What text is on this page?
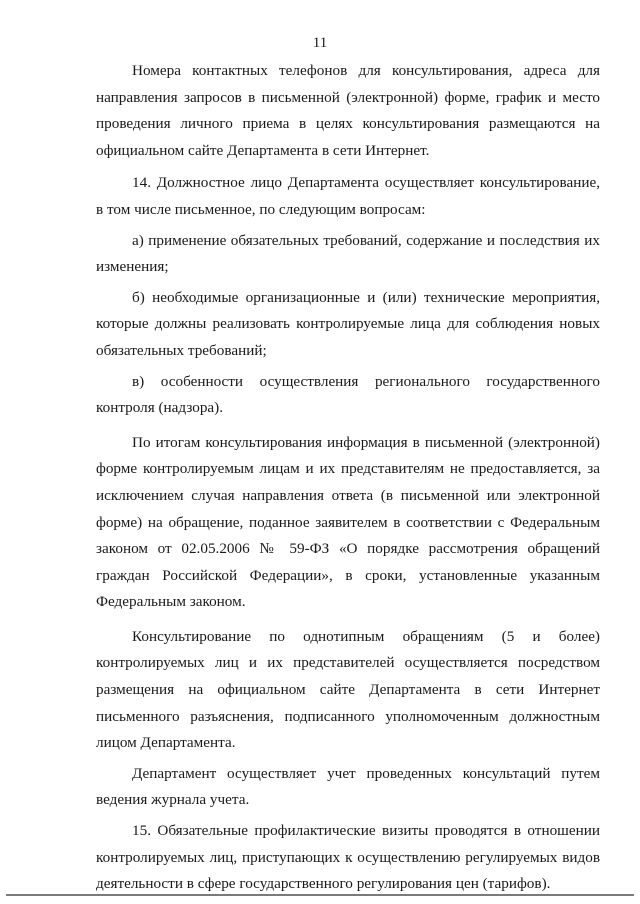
11

Номера контактных телефонов для консультирования, адреса для направления запросов в письменной (электронной) форме, график и место проведения личного приема в целях консультирования размещаются на официальном сайте Департамента в сети Интернет.

14. Должностное лицо Департамента осуществляет консультирование, в том числе письменное, по следующим вопросам:

а) применение обязательных требований, содержание и последствия их изменения;

б) необходимые организационные и (или) технические мероприятия, которые должны реализовать контролируемые лица для соблюдения новых обязательных требований;

в) особенности осуществления регионального государственного контроля (надзора).

По итогам консультирования информация в письменной (электронной) форме контролируемым лицам и их представителям не предоставляется, за исключением случая направления ответа (в письменной или электронной форме) на обращение, поданное заявителем в соответствии с Федеральным законом от 02.05.2006 № 59-ФЗ «О порядке рассмотрения обращений граждан Российской Федерации», в сроки, установленные указанным Федеральным законом.

Консультирование по однотипным обращениям (5 и более) контролируемых лиц и их представителей осуществляется посредством размещения на официальном сайте Департамента в сети Интернет письменного разъяснения, подписанного уполномоченным должностным лицом Департамента.

Департамент осуществляет учет проведенных консультаций путем ведения журнала учета.

15. Обязательные профилактические визиты проводятся в отношении контролируемых лиц, приступающих к осуществлению регулируемых видов деятельности в сфере государственного регулирования цен (тарифов).
